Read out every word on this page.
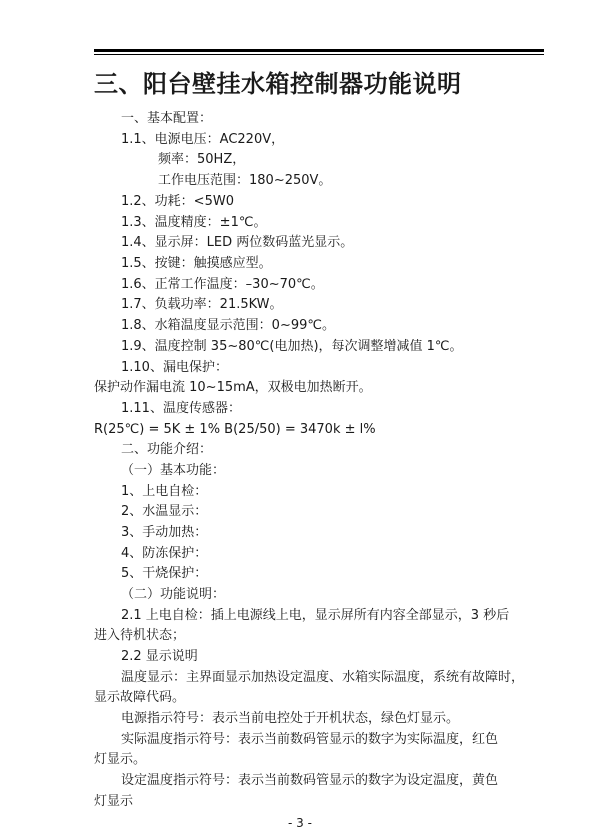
三、阳台壁挂水箱控制器功能说明
一、基本配置：
1.1、电源电压：AC220V，
频率：50HZ，
工作电压范围：180~250V。
1.2、功耗：<5W0
1.3、温度精度：±1℃。
1.4、显示屏：LED 两位数码蓝光显示。
1.5、按键：触摸感应型。
1.6、正常工作温度：–30~70℃。
1.7、负载功率：21.5KW。
1.8、水箱温度显示范围：0~99℃。
1.9、温度控制 35~80℃(电加热)，每次调整增减值 1℃。
1.10、漏电保护：
保护动作漏电流 10~15mA，双极电加热断开。
1.11、温度传感器：
R(25℃) = 5K ± 1% B(25/50) = 3470k ± l%
二、功能介绍：
（一）基本功能：
1、上电自检：
2、水温显示：
3、手动加热：
4、防冻保护：
5、干烧保护：
（二）功能说明：
2.1 上电自检：插上电源线上电，显示屏所有内容全部显示，3 秒后
进入待机状态；
2.2 显示说明
温度显示：主界面显示加热设定温度、水箱实际温度，系统有故障时，
显示故障代码。
电源指示符号：表示当前电控处于开机状态，绿色灯显示。
实际温度指示符号：表示当前数码管显示的数字为实际温度，红色
灯显示。
设定温度指示符号：表示当前数码管显示的数字为设定温度，黄色
灯显示
- 3 -
